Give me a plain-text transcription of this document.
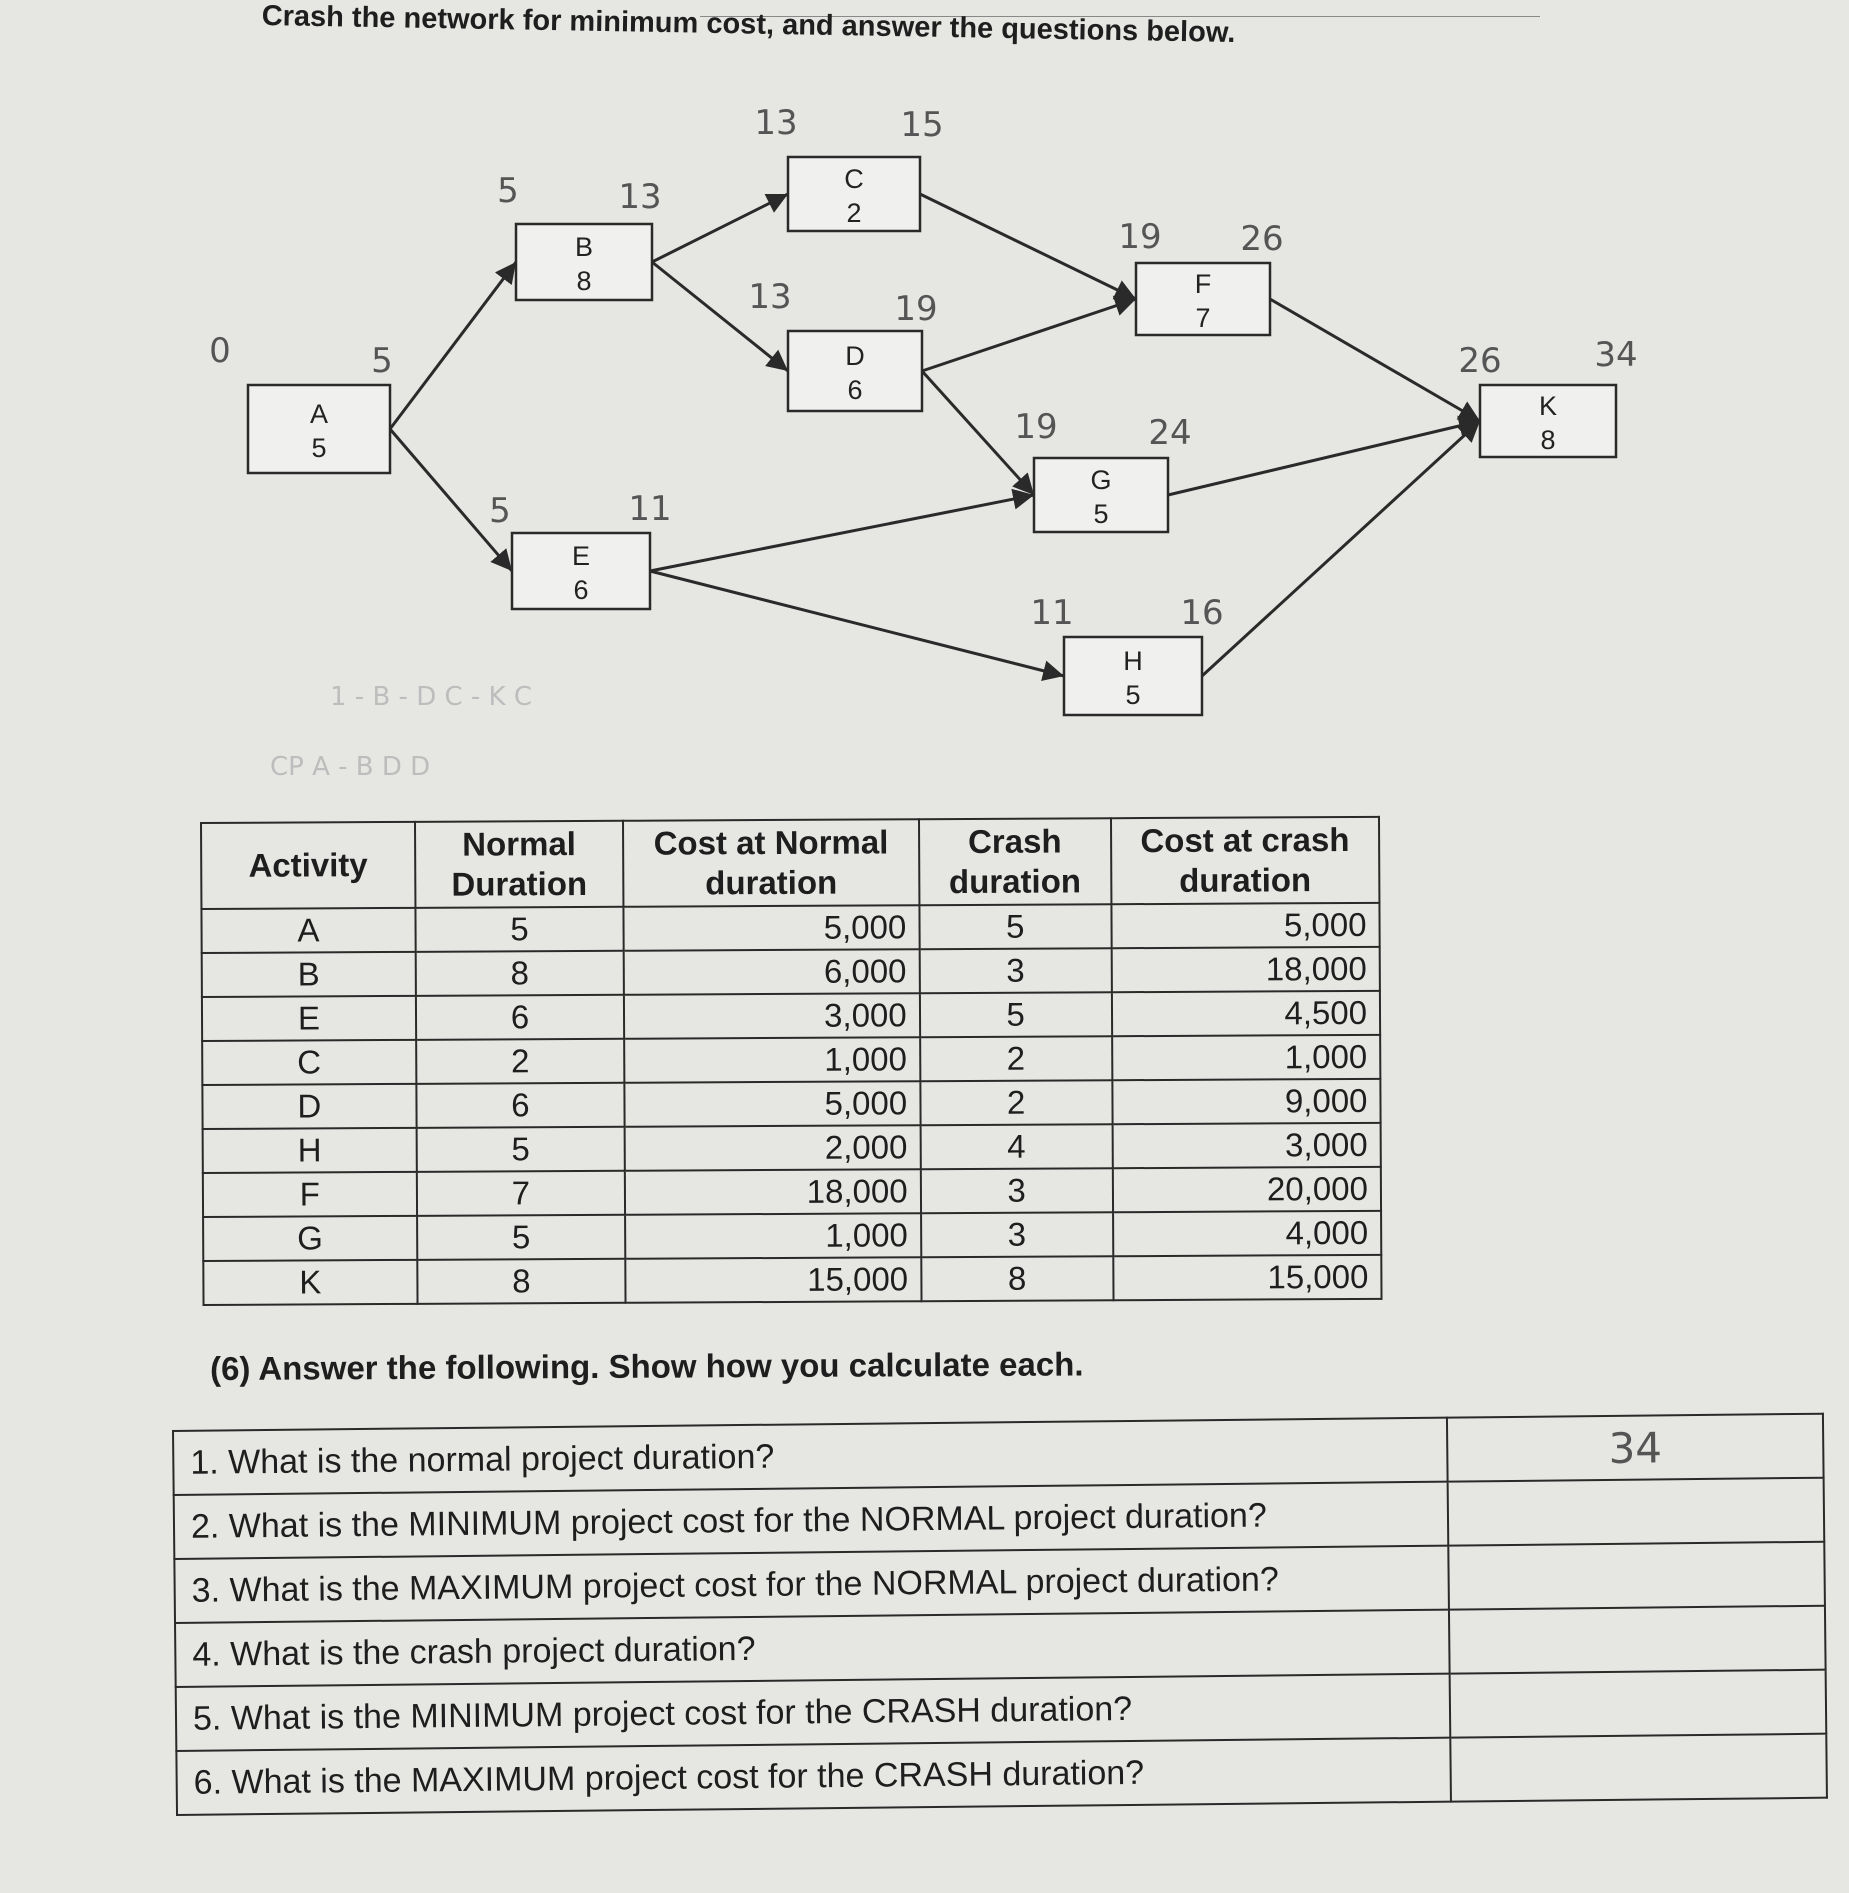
Crash the network for minimum cost, and answer the questions below.
A
5
B
8
E
6
C
2
D
6
F
7
G
5
H
5
K
8
0	5
5	13
13	15
13	19
5	11
19 26
19	24
11	16
26	34
1 - B - D C - K C
CP A - B D D
Activity	Normal Duration	Cost at Normal duration	Crash duration	Cost at crash duration
A	5	5,000	5	5,000
B	8	6,000	3	18,000
E	6	3,000	5	4,500
C	2	1,000	2	1,000
D	6	5,000	2	9,000
H	5	2,000	4	3,000
F	7	18,000	3	20,000
G	5	1,000	3	4,000
K	8	15,000	8	15,000
(6) Answer the following. Show how you calculate each.
1. What is the normal project duration?	34
2. What is the MINIMUM project cost for the NORMAL project duration?	
3. What is the MAXIMUM project cost for the NORMAL project duration?	
4. What is the crash project duration?	
5. What is the MINIMUM project cost for the CRASH duration?	
6. What is the MAXIMUM project cost for the CRASH duration?	
